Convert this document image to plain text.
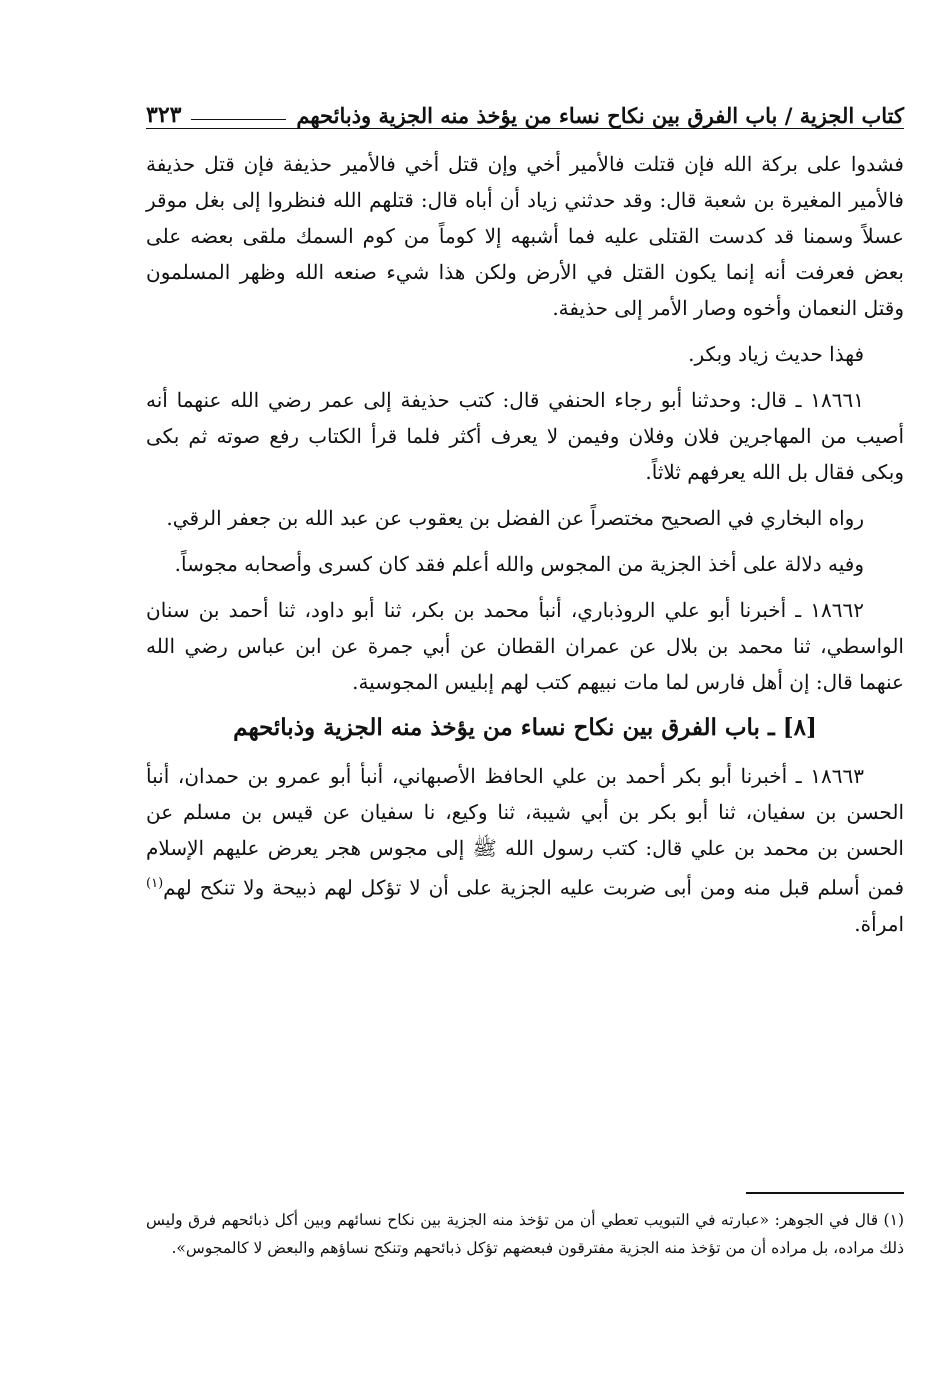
كتاب الجزية / باب الفرق بين نكاح نساء من يؤخذ منه الجزية وذبائحهم
٣٢٣

فشدوا على بركة الله فإن قتلت فالأمير أخي وإن قتل أخي فالأمير حذيفة فإن قتل حذيفة فالأمير المغيرة بن شعبة قال: وقد حدثني زياد أن أباه قال: قتلهم الله فنظروا إلى بغل موقر عسلاً وسمنا قد كدست القتلى عليه فما أشبهه إلا كوماً من كوم السمك ملقى بعضه على بعض فعرفت أنه إنما يكون القتل في الأرض ولكن هذا شيء صنعه الله وظهر المسلمون وقتل النعمان وأخوه وصار الأمر إلى حذيفة.

فهذا حديث زياد وبكر.

١٨٦٦١ ـ قال: وحدثنا أبو رجاء الحنفي قال: كتب حذيفة إلى عمر رضي الله عنهما أنه أصيب من المهاجرين فلان وفلان وفيمن لا يعرف أكثر فلما قرأ الكتاب رفع صوته ثم بكى وبكى فقال بل الله يعرفهم ثلاثاً.

رواه البخاري في الصحيح مختصراً عن الفضل بن يعقوب عن عبد الله بن جعفر الرقي.

وفيه دلالة على أخذ الجزية من المجوس والله أعلم فقد كان كسرى وأصحابه مجوساً.

١٨٦٦٢ ـ أخبرنا أبو علي الروذباري، أنبأ محمد بن بكر، ثنا أبو داود، ثنا أحمد بن سنان الواسطي، ثنا محمد بن بلال عن عمران القطان عن أبي جمرة عن ابن عباس رضي الله عنهما قال: إن أهل فارس لما مات نبيهم كتب لهم إبليس المجوسية.

[٨] ـ باب الفرق بين نكاح نساء من يؤخذ منه الجزية وذبائحهم

١٨٦٦٣ ـ أخبرنا أبو بكر أحمد بن علي الحافظ الأصبهاني، أنبأ أبو عمرو بن حمدان، أنبأ الحسن بن سفيان، ثنا أبو بكر بن أبي شيبة، ثنا وكيع، نا سفيان عن قيس بن مسلم عن الحسن بن محمد بن علي قال: كتب رسول الله ﷺ إلى مجوس هجر يعرض عليهم الإسلام فمن أسلم قبل منه ومن أبى ضربت عليه الجزية على أن لا تؤكل لهم ذبيحة ولا تنكح لهم$^{(١)}$ امرأة.

(١) قال في الجوهر: «عبارته في التبويب تعطي أن من تؤخذ منه الجزية بين نكاح نسائهم وبين أكل ذبائحهم فرق وليس ذلك مراده، بل مراده أن من تؤخذ منه الجزية مفترقون فبعضهم تؤكل ذبائحهم وتنكح نساؤهم والبعض لا كالمجوس».
